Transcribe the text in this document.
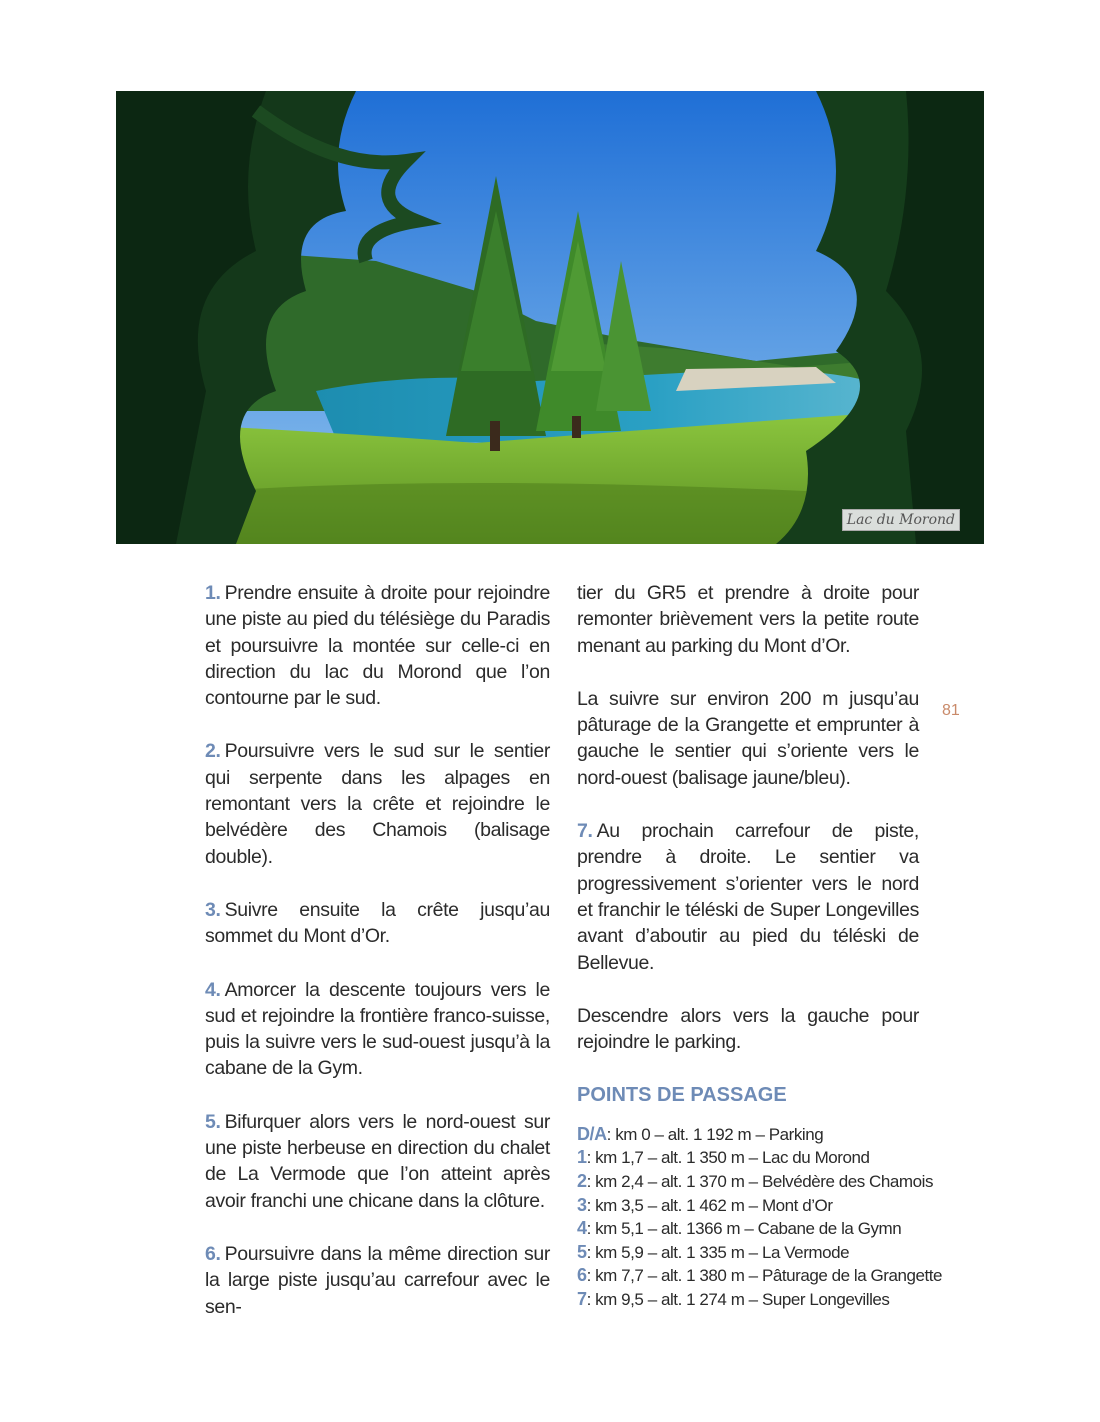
Lac du Morond
81

1. Prendre ensuite à droite pour rejoindre une piste au pied du télésiège du Paradis et poursuivre la montée sur celle-ci en direction du lac du Morond que l’on contourne par le sud.

2. Poursuivre vers le sud sur le sentier qui serpente dans les alpages en remontant vers la crête et rejoindre le belvédère des Chamois (balisage double).

3. Suivre ensuite la crête jusqu’au sommet du Mont d’Or.

4. Amorcer la descente toujours vers le sud et rejoindre la frontière franco-suisse, puis la suivre vers le sud-ouest jusqu’à la cabane de la Gym.

5. Bifurquer alors vers le nord-ouest sur une piste herbeuse en direction du chalet de La Vermode que l’on atteint après avoir franchi une chicane dans la clôture.

6. Poursuivre dans la même direction sur la large piste jusqu’au carrefour avec le sen-

tier du GR5 et prendre à droite pour remonter brièvement vers la petite route menant au parking du Mont d’Or.

La suivre sur environ 200 m jusqu’au pâturage de la Grangette et emprunter à gauche le sentier qui s’oriente vers le nord-ouest (balisage jaune/bleu).

7. Au prochain carrefour de piste, prendre à droite. Le sentier va progressivement s’orienter vers le nord et franchir le téléski de Super Longevilles avant d’aboutir au pied du téléski de Bellevue.

Descendre alors vers la gauche pour rejoindre le parking.

POINTS DE PASSAGE
D/A: km 0 – alt. 1 192 m – Parking
1: km 1,7 – alt. 1 350 m – Lac du Morond
2: km 2,4 – alt. 1 370 m – Belvédère des Chamois
3: km 3,5 – alt. 1 462 m – Mont d’Or
4: km 5,1 – alt. 1366 m – Cabane de la Gymn
5: km 5,9 – alt. 1 335 m – La Vermode
6: km 7,7 – alt. 1 380 m – Pâturage de la Grangette
7: km 9,5 – alt. 1 274 m – Super Longevilles
